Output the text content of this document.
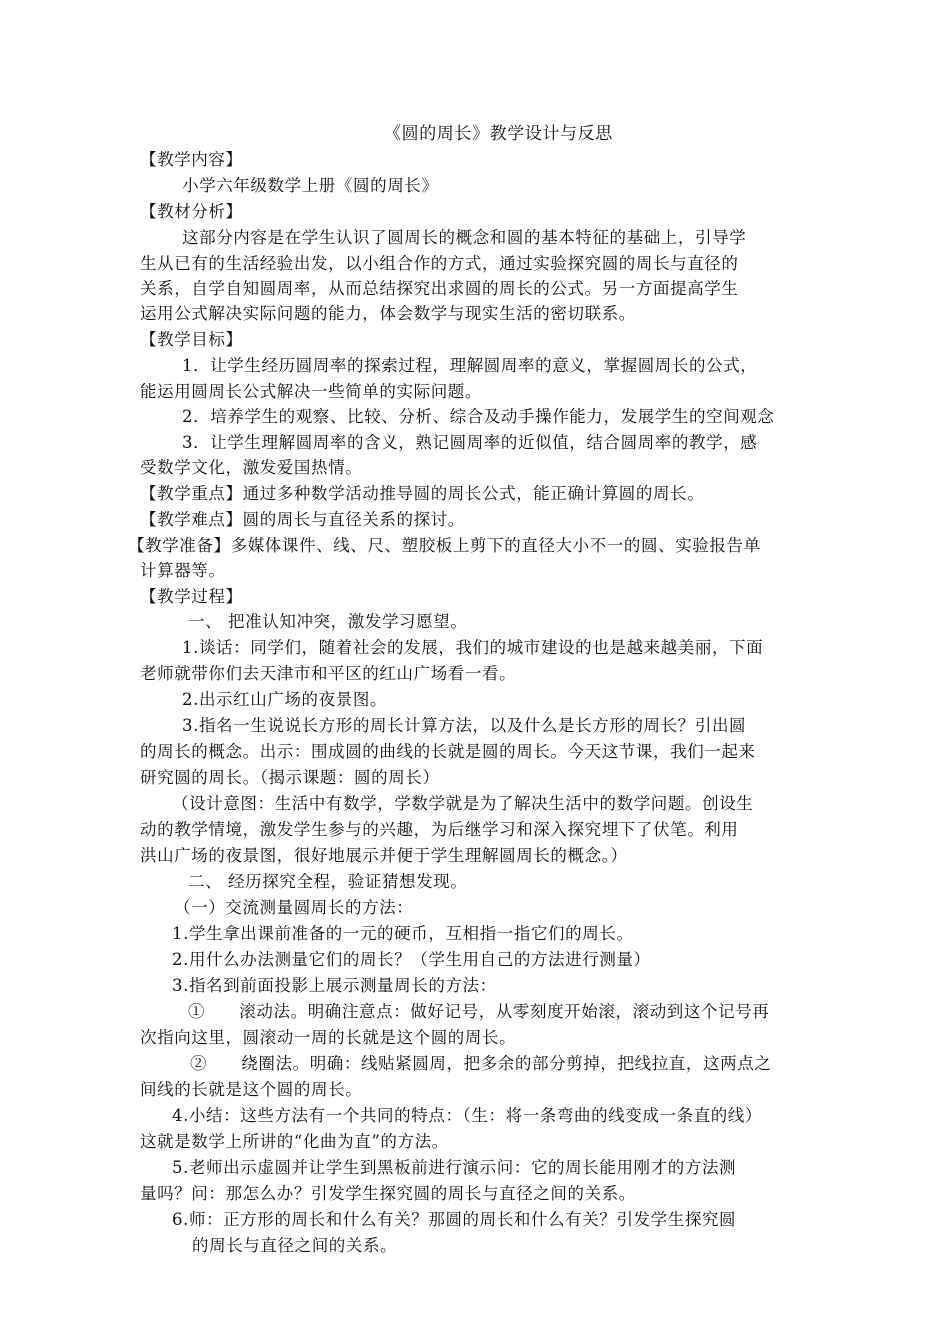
《圆的周长》教学设计与反思
【教学内容】
小学六年级数学上册《圆的周长》
【教材分析】
这部分内容是在学生认识了圆周长的概念和圆的基本特征的基础上，引导学
生从已有的生活经验出发，以小组合作的方式，通过实验探究圆的周长与直径的
关系，自学自知圆周率，从而总结探究出求圆的周长的公式。另一方面提高学生
运用公式解决实际问题的能力，体会数学与现实生活的密切联系。
【教学目标】
1．让学生经历圆周率的探索过程，理解圆周率的意义，掌握圆周长的公式，
能运用圆周长公式解决一些简单的实际问题。
2．培养学生的观察、比较、分析、综合及动手操作能力，发展学生的空间观念
3．让学生理解圆周率的含义，熟记圆周率的近似值，结合圆周率的教学，感
受数学文化，激发爱国热情。
【教学重点】通过多种数学活动推导圆的周长公式，能正确计算圆的周长。
【教学难点】圆的周长与直径关系的探讨。
【教学准备】多媒体课件、线、尺、塑胶板上剪下的直径大小不一的圆、实验报告单
计算器等。
【教学过程】
一、 把准认知冲突，激发学习愿望。
1.谈话：同学们，随着社会的发展，我们的城市建设的也是越来越美丽，下面
老师就带你们去天津市和平区的红山广场看一看。
2.出示红山广场的夜景图。
3.指名一生说说长方形的周长计算方法，以及什么是长方形的周长？引出圆
的周长的概念。出示：围成圆的曲线的长就是圆的周长。今天这节课，我们一起来
研究圆的周长。（揭示课题：圆的周长）
（设计意图：生活中有数学，学数学就是为了解决生活中的数学问题。创设生
动的教学情境，激发学生参与的兴趣，为后继学习和深入探究埋下了伏笔。利用
洪山广场的夜景图，很好地展示并便于学生理解圆周长的概念。）
二、 经历探究全程，验证猜想发现。
（一）交流测量圆周长的方法：
1.学生拿出课前准备的一元的硬币，互相指一指它们的周长。
2.用什么办法测量它们的周长？（学生用自己的方法进行测量）
3.指名到前面投影上展示测量周长的方法：
①　　滚动法。明确注意点：做好记号，从零刻度开始滚，滚动到这个记号再
次指向这里，圆滚动一周的长就是这个圆的周长。
②　　绕圈法。明确：线贴紧圆周，把多余的部分剪掉，把线拉直，这两点之
间线的长就是这个圆的周长。
4.小结：这些方法有一个共同的特点：（生：将一条弯曲的线变成一条直的线）
这就是数学上所讲的“化曲为直”的方法。
5.老师出示虚圆并让学生到黑板前进行演示问：它的周长能用刚才的方法测
量吗？问：那怎么办？引发学生探究圆的周长与直径之间的关系。
6.师：正方形的周长和什么有关？那圆的周长和什么有关？引发学生探究圆
的周长与直径之间的关系。
